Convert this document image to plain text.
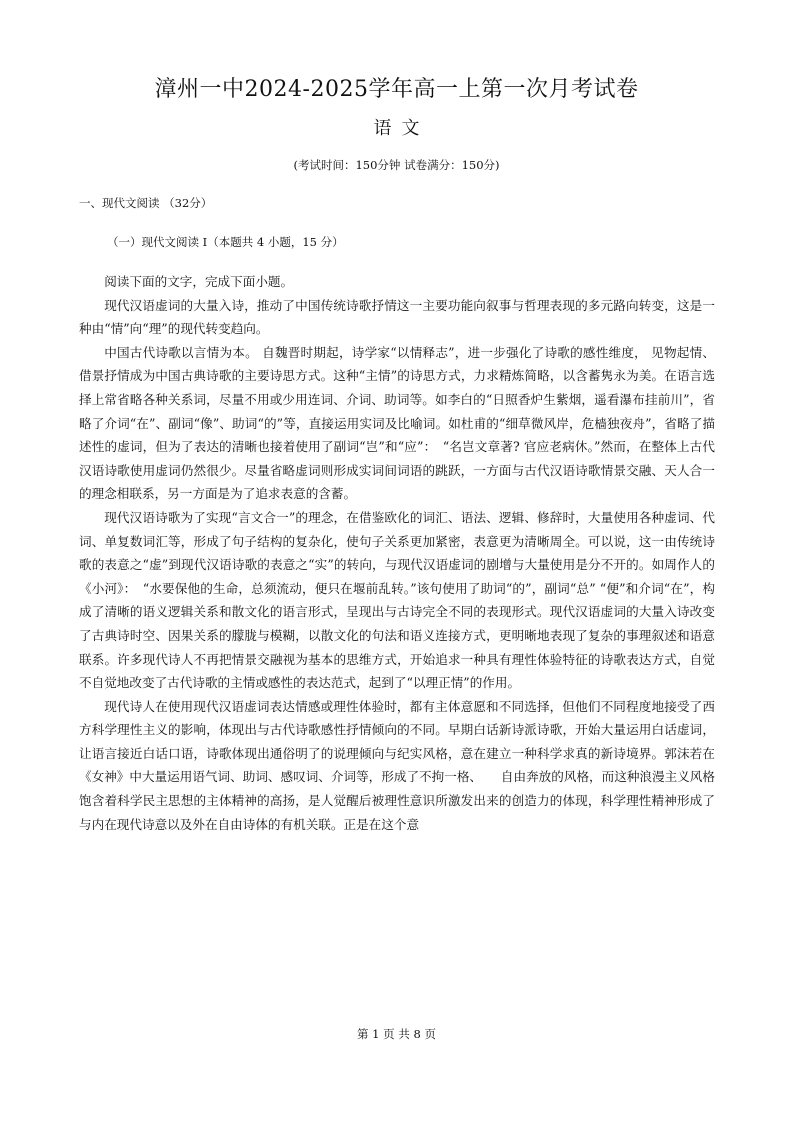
漳州一中2024-2025学年高一上第一次月考试卷
语文
(考试时间：150分钟 试卷满分：150分)
一、现代文阅读 （32分）
（一）现代文阅读 I（本题共 4 小题，15 分）

阅读下面的文字，完成下面小题。

现代汉语虚词的大量入诗，推动了中国传统诗歌抒情这一主要功能向叙事与哲理表现的多元路向转变，这是一种由“情”向“理”的现代转变趋向。

中国古代诗歌以言情为本。 自魏晋时期起，诗学家“以情释志”，进一步强化了诗歌的感性维度， 见物起情、借景抒情成为中国古典诗歌的主要诗思方式。这种“主情”的诗思方式，力求精炼简略，以含蓄隽永为美。在语言选择上常省略各种关系词，尽量不用或少用连词、介词、助词等。如李白的“日照香炉生紫烟，遥看瀑布挂前川”，省略了介词“在”、副词“像”、助词“的”等，直接运用实词及比喻词。如杜甫的“细草微风岸，危樯独夜舟”，省略了描述性的虚词，但为了表达的清晰也接着使用了副词“岂”和“应”：　“名岂文章著? 官应老病休。”然而，在整体上古代汉语诗歌使用虚词仍然很少。尽量省略虚词则形成实词间词语的跳跃，一方面与古代汉语诗歌情景交融、天人合一的理念相联系，另一方面是为了追求表意的含蓄。

现代汉语诗歌为了实现“言文合一”的理念，在借鉴欧化的词汇、语法、逻辑、修辞时，大量使用各种虚词、代词、单复数词汇等，形成了句子结构的复杂化，使句子关系更加紧密，表意更为清晰周全。可以说，这一由传统诗歌的表意之“虚”到现代汉语诗歌的表意之“实”的转向，与现代汉语虚词的剧增与大量使用是分不开的。如周作人的《小河》：　“水要保他的生命，总须流动，便只在堰前乱转。”该句使用了助词“的”，副词“总” “便”和介词“在”，构成了清晰的语义逻辑关系和散文化的语言形式，呈现出与古诗完全不同的表现形式。现代汉语虚词的大量入诗改变了古典诗时空、因果关系的朦胧与模糊，以散文化的句法和语义连接方式，更明晰地表现了复杂的事理叙述和语意联系。许多现代诗人不再把情景交融视为基本的思维方式，开始追求一种具有理性体验特征的诗歌表达方式，自觉不自觉地改变了古代诗歌的主情或感性的表达范式，起到了“以理正情”的作用。

现代诗人在使用现代汉语虚词表达情感或理性体验时，都有主体意愿和不同选择，但他们不同程度地接受了西方科学理性主义的影响，体现出与古代诗歌感性抒情倾向的不同。早期白话新诗派诗歌，开始大量运用白话虚词，让语言接近白话口语，诗歌体现出通俗明了的说理倾向与纪实风格，意在建立一种科学求真的新诗境界。郭沫若在《女神》中大量运用语气词、助词、感叹词、介词等，形成了不拘一格、　　自由奔放的风格，而这种浪漫主义风格饱含着科学民主思想的主体精神的高扬，是人觉醒后被理性意识所激发出来的创造力的体现，科学理性精神形成了与内在现代诗意以及外在自由诗体的有机关联。正是在这个意

第 1 页 共 8 页
